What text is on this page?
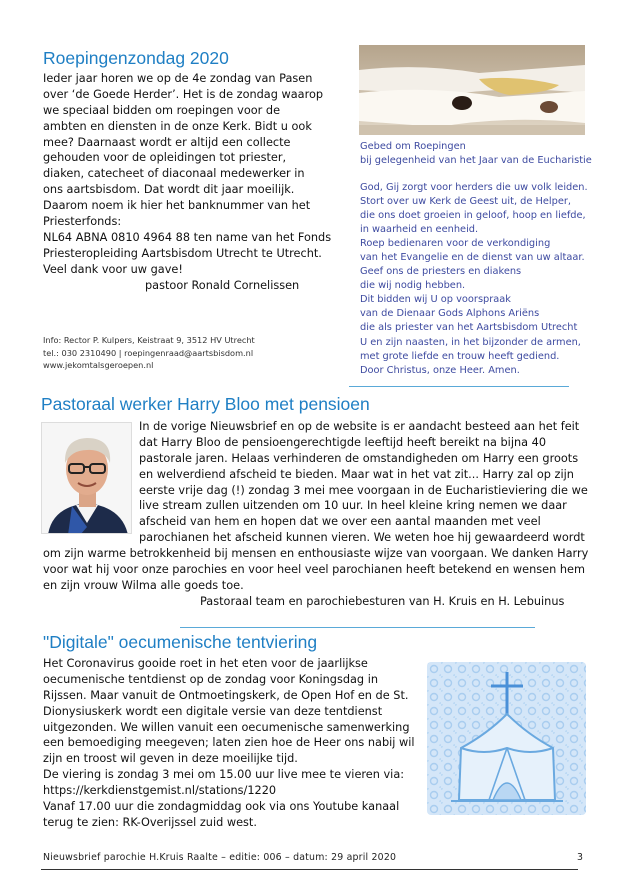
Roepingenzondag 2020
Ieder jaar horen we op de 4e zondag van Pasen
over ‘de Goede Herder’. Het is de zondag waarop
we speciaal bidden om roepingen voor de
ambten en diensten in de onze Kerk. Bidt u ook
mee? Daarnaast wordt er altijd een collecte
gehouden voor de opleidingen tot priester,
diaken, catecheet of diaconaal medewerker in
ons aartsbisdom. Dat wordt dit jaar moeilijk.
Daarom noem ik hier het banknummer van het
Priesterfonds:
NL64 ABNA 0810 4964 88 ten name van het Fonds
Priesteropleiding Aartsbisdom Utrecht te Utrecht.
Veel dank voor uw gave!
pastoor Ronald Cornelissen
Info: Rector P. Kulpers, Keistraat 9, 3512 HV Utrecht
tel.: 030 2310490 | roepingenraad@aartsbisdom.nl
www.jekomtalsgeroepen.nl
Gebed om Roepingen
bij gelegenheid van het Jaar van de Eucharistie
God, Gij zorgt voor herders die uw volk leiden.
Stort over uw Kerk de Geest uit, de Helper,
die ons doet groeien in geloof, hoop en liefde,
in waarheid en eenheid.
Roep bedienaren voor de verkondiging
van het Evangelie en de dienst van uw altaar.
Geef ons de priesters en diakens
die wij nodig hebben.
Dit bidden wij U op voorspraak
van de Dienaar Gods Alphons Ariëns
die als priester van het Aartsbisdom Utrecht
U en zijn naasten, in het bijzonder de armen,
met grote liefde en trouw heeft gediend.
Door Christus, onze Heer. Amen.
Pastoraal werker Harry Bloo met pensioen
In de vorige Nieuwsbrief en op de website is er aandacht besteed aan het feit
dat Harry Bloo de pensioengerechtigde leeftijd heeft bereikt na bijna 40
pastorale jaren. Helaas verhinderen de omstandigheden om Harry een groots
en welverdiend afscheid te bieden. Maar wat in het vat zit... Harry zal op zijn
eerste vrije dag (!) zondag 3 mei mee voorgaan in de Eucharistieviering die we
live stream zullen uitzenden om 10 uur. In heel kleine kring nemen we daar
afscheid van hem en hopen dat we over een aantal maanden met veel
parochianen het afscheid kunnen vieren. We weten hoe hij gewaardeerd wordt
om zijn warme betrokkenheid bij mensen en enthousiaste wijze van voorgaan. We danken Harry
voor wat hij voor onze parochies en voor heel veel parochianen heeft betekend en wensen hem
en zijn vrouw Wilma alle goeds toe.
Pastoraal team en parochiebesturen van H. Kruis en H. Lebuinus
"Digitale" oecumenische tentviering
Het Coronavirus gooide roet in het eten voor de jaarlijkse
oecumenische tentdienst op de zondag voor Koningsdag in
Rijssen. Maar vanuit de Ontmoetingskerk, de Open Hof en de St.
Dionysiuskerk wordt een digitale versie van deze tentdienst
uitgezonden. We willen vanuit een oecumenische samenwerking
een bemoediging meegeven; laten zien hoe de Heer ons nabij wil
zijn en troost wil geven in deze moeilijke tijd.
De viering is zondag 3 mei om 15.00 uur live mee te vieren via:
https://kerkdienstgemist.nl/stations/1220
Vanaf 17.00 uur die zondagmiddag ook via ons Youtube kanaal
terug te zien: RK-Overijssel zuid west.
Nieuwsbrief parochie H.Kruis Raalte – editie: 006 – datum: 29 april 2020	3
